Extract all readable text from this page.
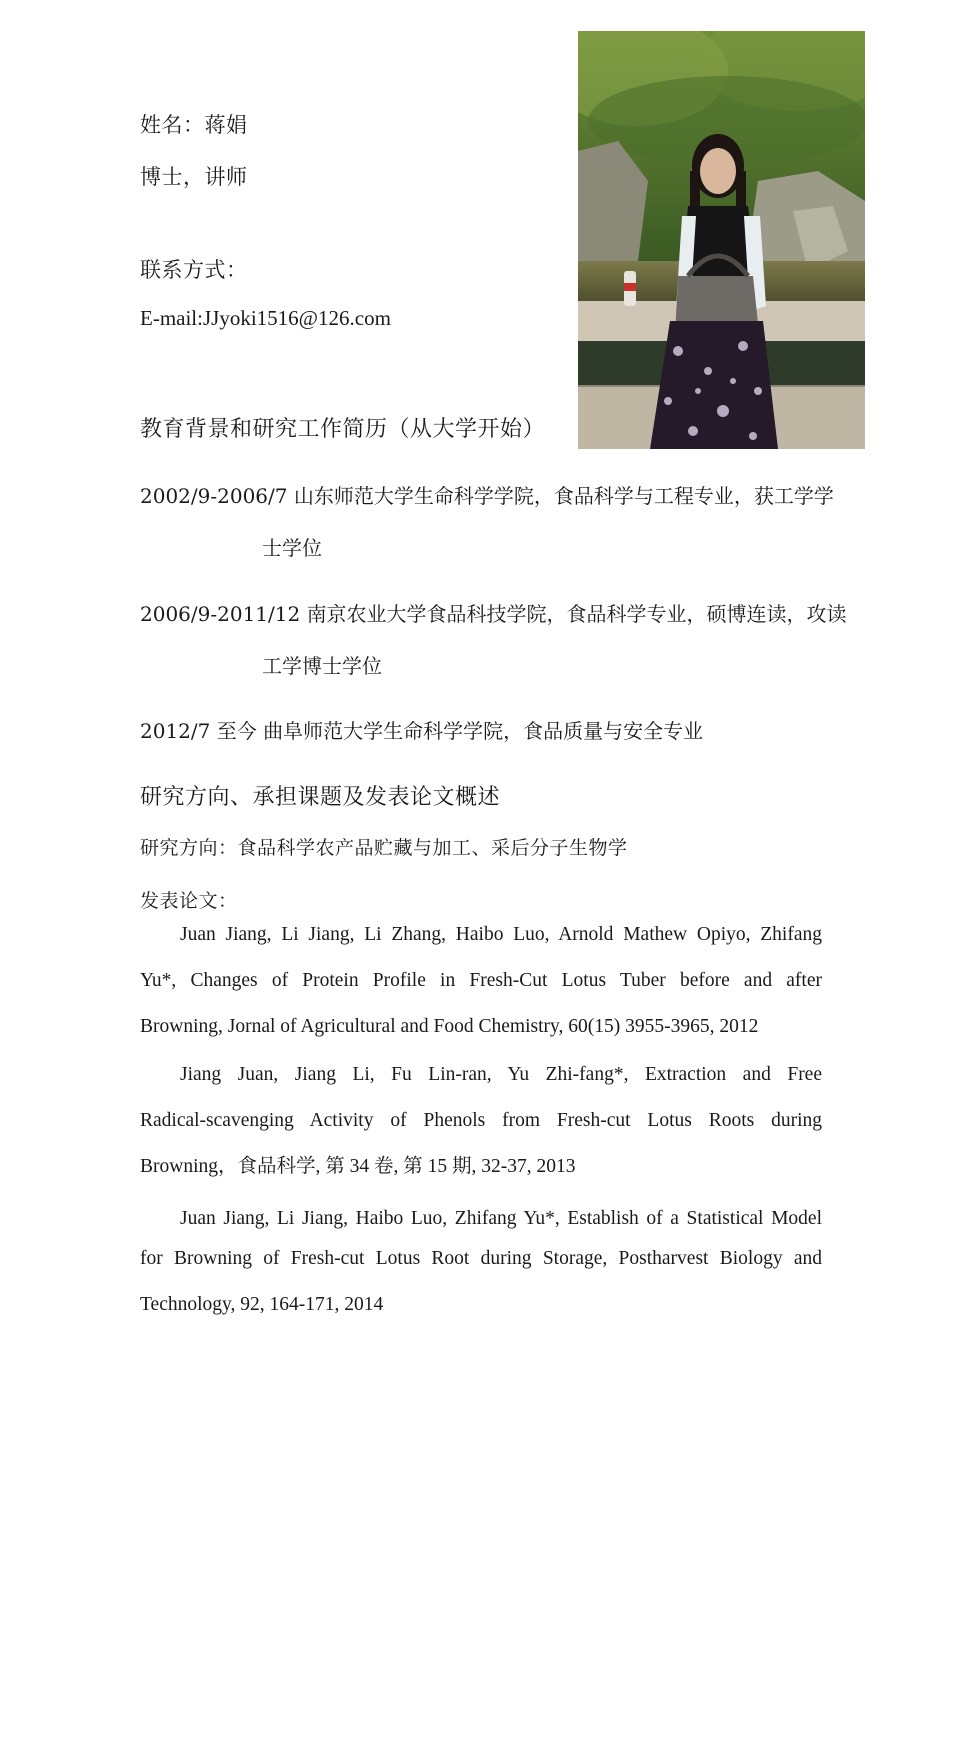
姓名：蒋娟
博士，讲师
联系方式：
E-mail:JJyoki1516@126.com
教育背景和研究工作简历（从大学开始）
2002/9-2006/7 山东师范大学生命科学学院，食品科学与工程专业，获工学学
士学位
2006/9-2011/12 南京农业大学食品科技学院，食品科学专业，硕博连读，攻读
工学博士学位
2012/7 至今 曲阜师范大学生命科学学院，食品质量与安全专业
研究方向、承担课题及发表论文概述
研究方向：食品科学农产品贮藏与加工、采后分子生物学
发表论文：
Juan Jiang, Li Jiang, Li Zhang, Haibo Luo, Arnold Mathew Opiyo, Zhifang
Yu*, Changes of Protein Profile in Fresh-Cut Lotus Tuber before and after
Browning, Jornal of Agricultural and Food Chemistry, 60(15) 3955-3965, 2012
Jiang Juan, Jiang Li, Fu Lin-ran, Yu Zhi-fang*, Extraction and Free
Radical-scavenging Activity of Phenols from Fresh-cut Lotus Roots during
Browning，食品科学, 第 34 卷, 第 15 期, 32-37, 2013
Juan Jiang, Li Jiang, Haibo Luo, Zhifang Yu*, Establish of a Statistical Model
for Browning of Fresh-cut Lotus Root during Storage, Postharvest Biology and
Technology, 92, 164-171, 2014
